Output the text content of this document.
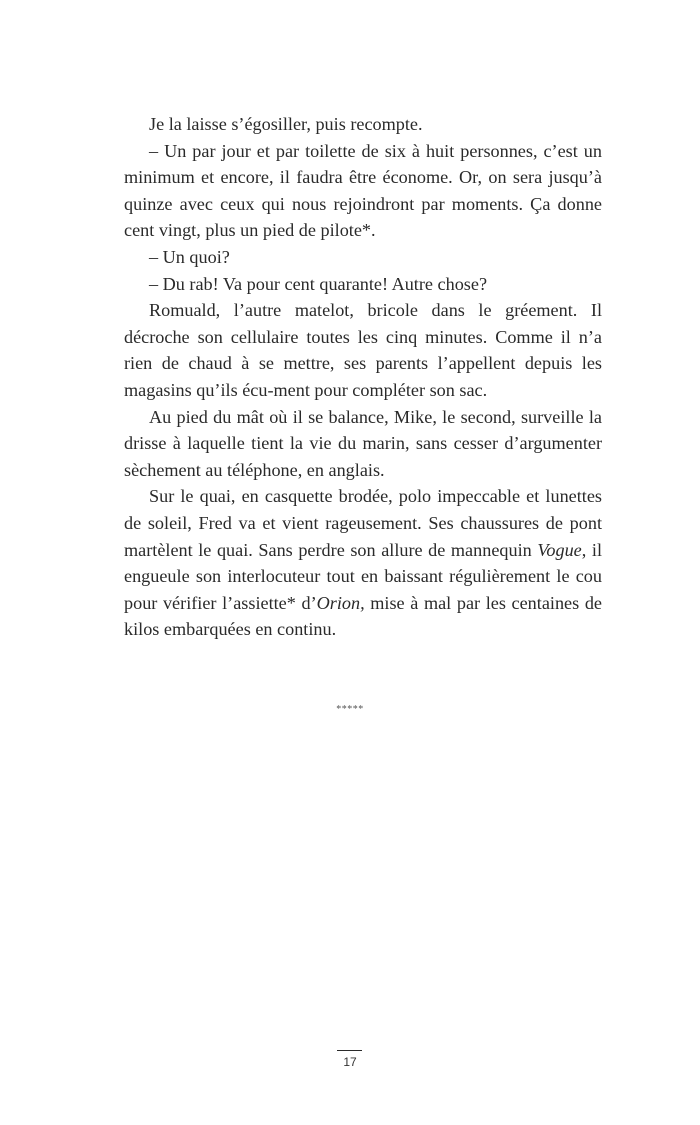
Je la laisse s’égosiller, puis recompte.

– Un par jour et par toilette de six à huit personnes, c’est un minimum et encore, il faudra être économe. Or, on sera jusqu’à quinze avec ceux qui nous rejoindront par moments. Ça donne cent vingt, plus un pied de pilote*.

– Un quoi?

– Du rab! Va pour cent quarante! Autre chose?

Romuald, l’autre matelot, bricole dans le gréement. Il décroche son cellulaire toutes les cinq minutes. Comme il n’a rien de chaud à se mettre, ses parents l’appellent depuis les magasins qu’ils écu-ment pour compléter son sac.

Au pied du mât où il se balance, Mike, le second, surveille la drisse à laquelle tient la vie du marin, sans cesser d’argumenter sèchement au téléphone, en anglais.

Sur le quai, en casquette brodée, polo impeccable et lunettes de soleil, Fred va et vient rageusement. Ses chaussures de pont martèlent le quai. Sans perdre son allure de mannequin Vogue, il engueule son interlocuteur tout en baissant régulièrement le cou pour vérifier l’assiette* d’Orion, mise à mal par les centaines de kilos embarquées en continu.

*****
17
